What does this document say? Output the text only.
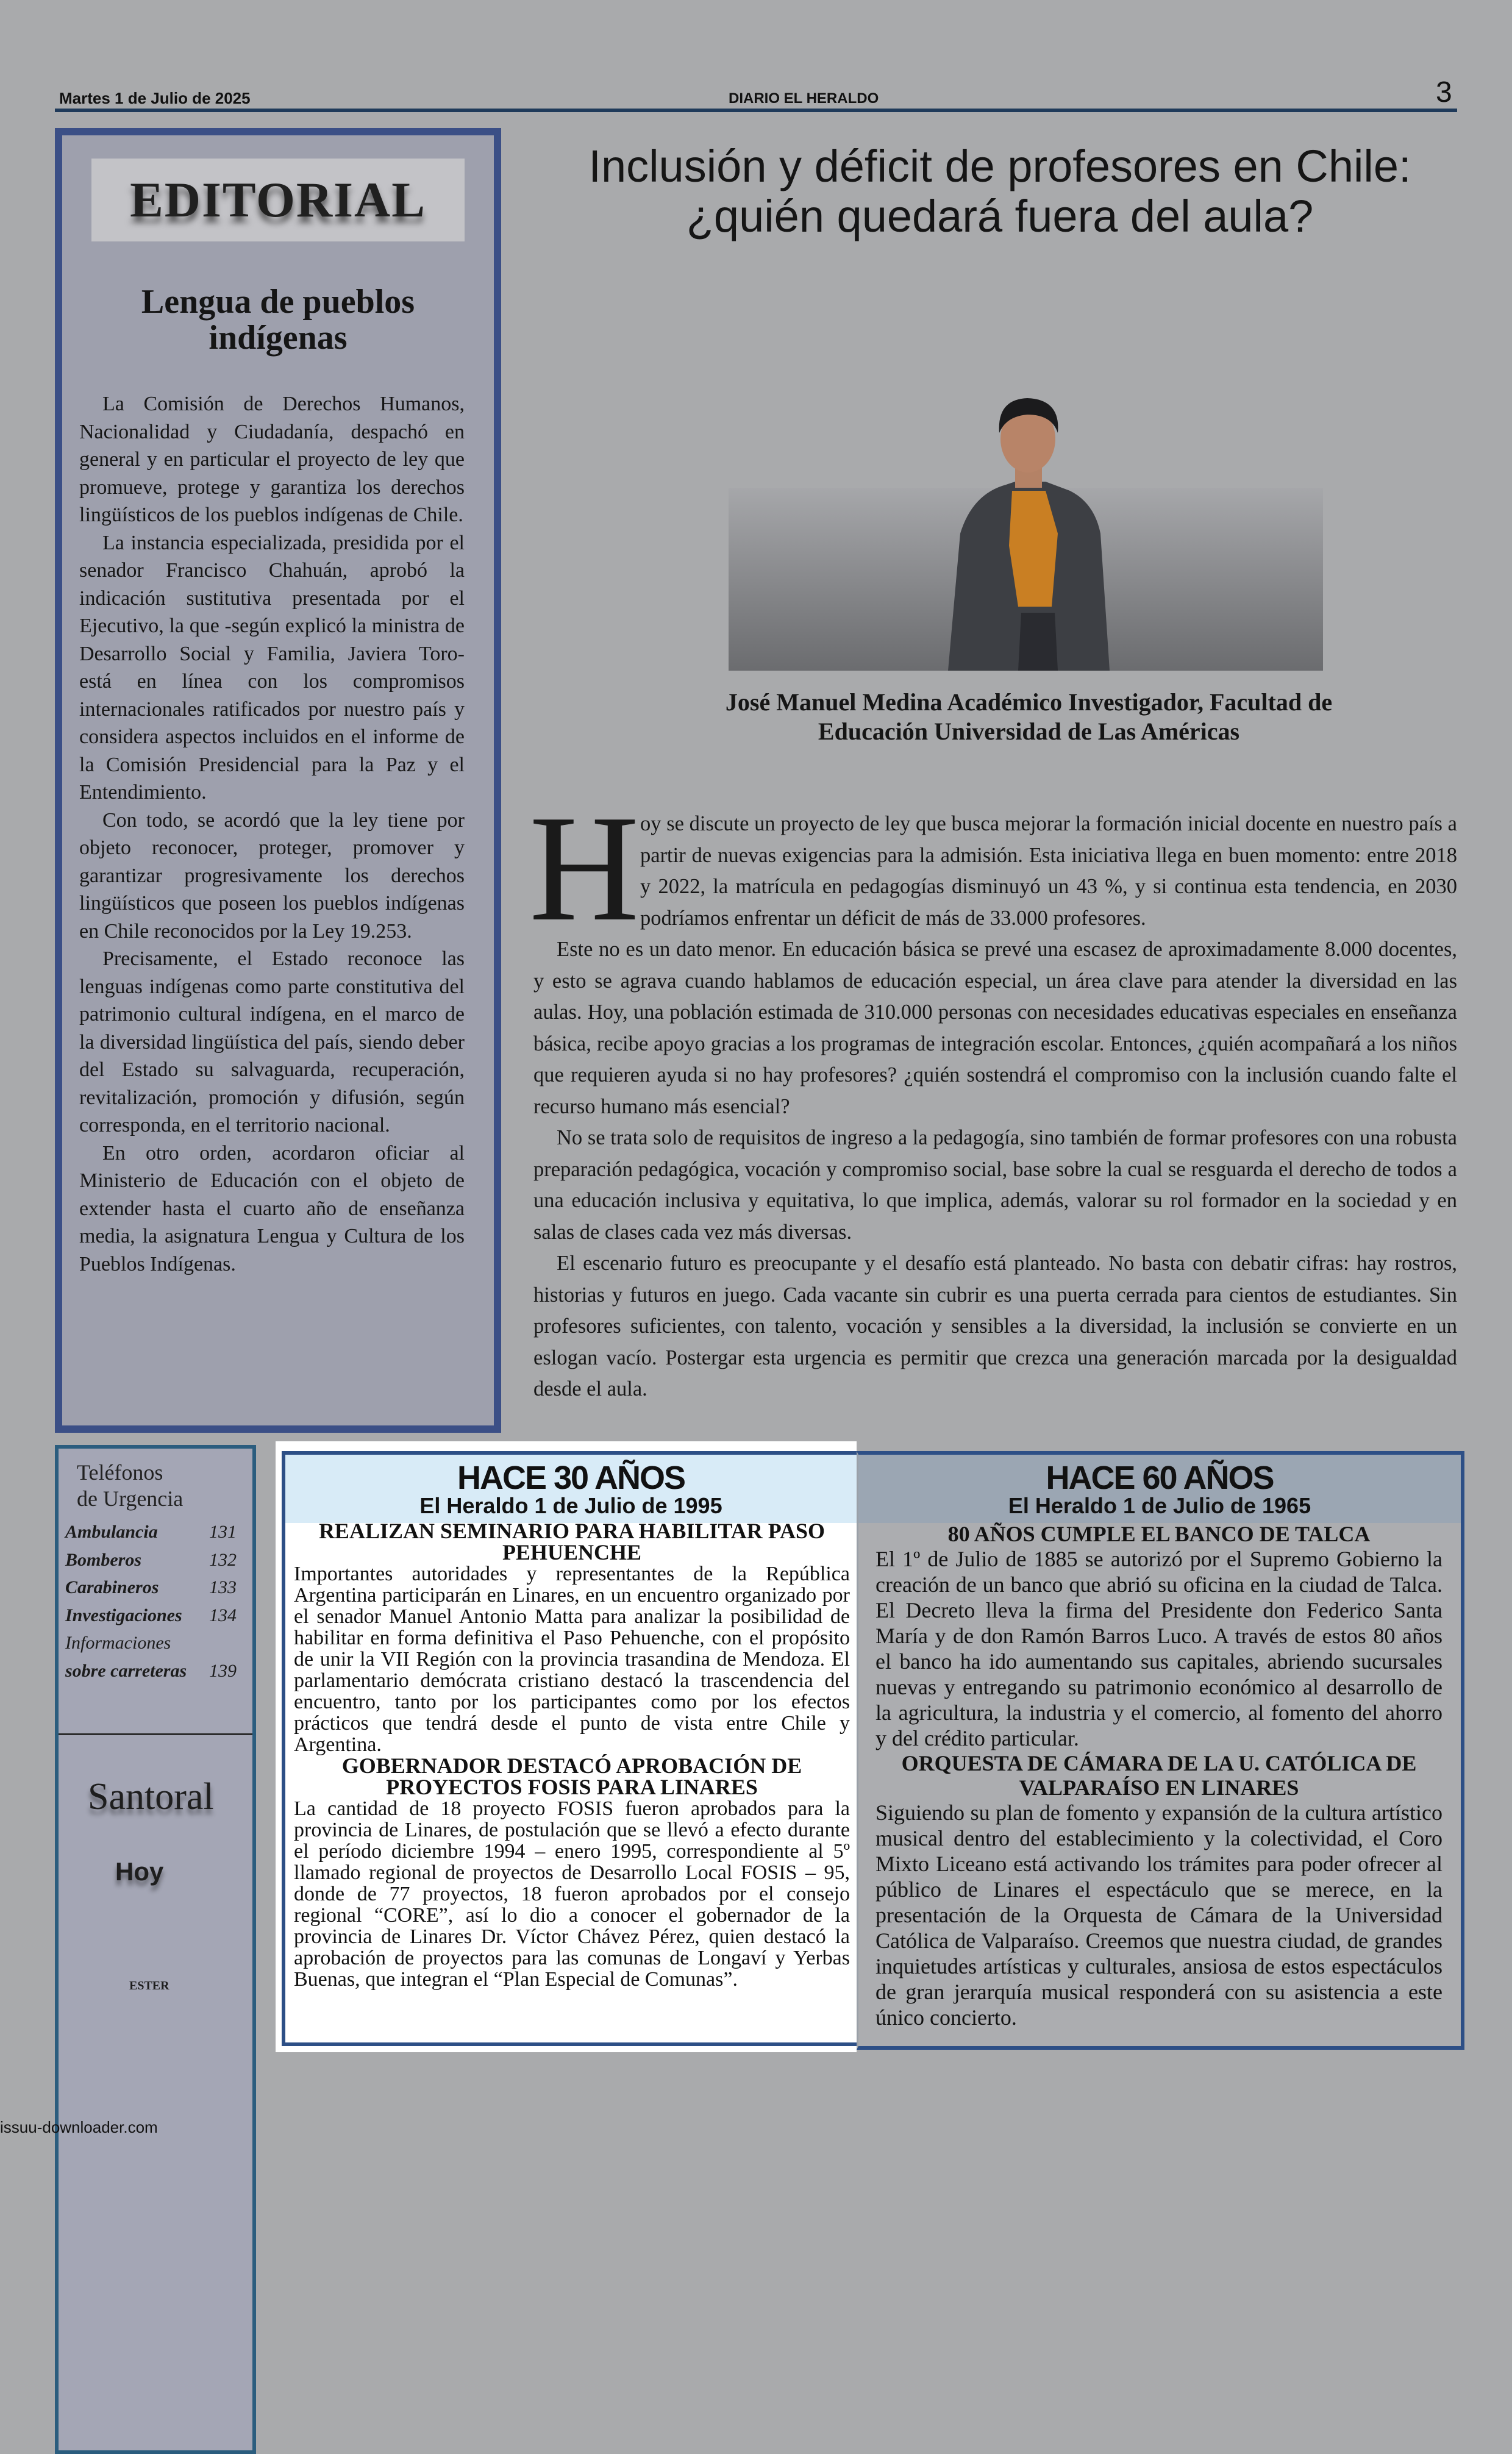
Martes 1 de Julio de 2025	DIARIO EL HERALDO	3
EDITORIAL
Lengua de pueblos indígenas

La Comisión de Derechos Humanos, Nacionalidad y Ciudadanía, despachó en general y en particular el proyecto de ley que promueve, protege y garantiza los derechos lingüísticos de los pueblos indígenas de Chile.

La instancia especializada, presidida por el senador Francisco Chahuán, aprobó la indicación sustitutiva presentada por el Ejecutivo, la que -según explicó la ministra de Desarrollo Social y Familia, Javiera Toro- está en línea con los compromisos internacionales ratificados por nuestro país y considera aspectos incluidos en el informe de la Comisión Presidencial para la Paz y el Entendimiento.

Con todo, se acordó que la ley tiene por objeto reconocer, proteger, promover y garantizar progresivamente los derechos lingüísticos que poseen los pueblos indígenas en Chile reconocidos por la Ley 19.253.

Precisamente, el Estado reconoce las lenguas indígenas como parte constitutiva del patrimonio cultural indígena, en el marco de la diversidad lingüística del país, siendo deber del Estado su salvaguarda, recuperación, revitalización, promoción y difusión, según corresponda, en el territorio nacional.

En otro orden, acordaron oficiar al Ministerio de Educación con el objeto de extender hasta el cuarto año de enseñanza media, la asignatura Lengua y Cultura de los Pueblos Indígenas.

Inclusión y déficit de profesores en Chile: ¿quién quedará fuera del aula?
José Manuel Medina Académico Investigador, Facultad de Educación Universidad de Las Américas
H oy se discute un proyecto de ley que busca mejorar la formación inicial docente en nuestro país a partir de nuevas exigencias para la admisión. Esta iniciativa llega en buen momento: entre 2018 y 2022, la matrícula en pedagogías disminuyó un 43 %, y si continua esta tendencia, en 2030 podríamos enfrentar un déficit de más de 33.000 profesores.

Este no es un dato menor. En educación básica se prevé una escasez de aproximadamente 8.000 docentes, y esto se agrava cuando hablamos de educación especial, un área clave para atender la diversidad en las aulas. Hoy, una población estimada de 310.000 personas con necesidades educativas especiales en enseñanza básica, recibe apoyo gracias a los programas de integración escolar. Entonces, ¿quién acompañará a los niños que requieren ayuda si no hay profesores? ¿quién sostendrá el compromiso con la inclusión cuando falte el recurso humano más esencial?

No se trata solo de requisitos de ingreso a la pedagogía, sino también de formar profesores con una robusta preparación pedagógica, vocación y compromiso social, base sobre la cual se resguarda el derecho de todos a una educación inclusiva y equitativa, lo que implica, además, valorar su rol formador en la sociedad y en salas de clases cada vez más diversas.

El escenario futuro es preocupante y el desafío está planteado. No basta con debatir cifras: hay rostros, historias y futuros en juego. Cada vacante sin cubrir es una puerta cerrada para cientos de estudiantes. Sin profesores suficientes, con talento, vocación y sensibles a la diversidad, la inclusión se convierte en un eslogan vacío. Postergar esta urgencia es permitir que crezca una generación marcada por la desigualdad desde el aula.

Teléfonos
de Urgencia
Ambulancia	131
Bomberos	132
Carabineros	133
Investigaciones 134
Informaciones
sobre carreteras 139
Santoral
Hoy
ESTER
HACE 30 AÑOS
El Heraldo 1 de Julio de 1995
REALIZAN SEMINARIO PARA HABILITAR PASO PEHUENCHE

Importantes autoridades y representantes de la República Argentina participarán en Linares, en un encuentro organizado por el senador Manuel Antonio Matta para analizar la posibilidad de habilitar en forma definitiva el Paso Pehuenche, con el propósito de unir la VII Región con la provincia trasandina de Mendoza. El parlamentario demócrata cristiano destacó la trascendencia del encuentro, tanto por los participantes como por los efectos prácticos que tendrá desde el punto de vista entre Chile y Argentina.

GOBERNADOR DESTACÓ APROBACIÓN DE PROYECTOS FOSIS PARA LINARES

La cantidad de 18 proyecto FOSIS fueron aprobados para la provincia de Linares, de postulación que se llevó a efecto durante el período diciembre 1994 – enero 1995, correspondiente al 5º llamado regional de proyectos de Desarrollo Local FOSIS – 95, donde de 77 proyectos, 18 fueron aprobados por el consejo regional “CORE”, así lo dio a conocer el gobernador de la provincia de Linares Dr. Víctor Chávez Pérez, quien destacó la aprobación de proyectos para las comunas de Longaví y Yerbas Buenas, que integran el “Plan Especial de Comunas”.

HACE 60 AÑOS
El Heraldo 1 de Julio de 1965
80 AÑOS CUMPLE EL BANCO DE TALCA

El 1º de Julio de 1885 se autorizó por el Supremo Gobierno la creación de un banco que abrió su oficina en la ciudad de Talca. El Decreto lleva la firma del Presidente don Federico Santa María y de don Ramón Barros Luco. A través de estos 80 años el banco ha ido aumentando sus capitales, abriendo sucursales nuevas y entregando su patrimonio económico al desarrollo de la agricultura, la industria y el comercio, al fomento del ahorro y del crédito particular.

ORQUESTA DE CÁMARA DE LA U. CATÓLICA DE VALPARAÍSO EN LINARES

Siguiendo su plan de fomento y expansión de la cultura artístico musical dentro del establecimiento y la colectividad, el Coro Mixto Liceano está activando los trámites para poder ofrecer al público de Linares el espectáculo que se merece, en la presentación de la Orquesta de Cámara de la Universidad Católica de Valparaíso. Creemos que nuestra ciudad, de grandes inquietudes artísticas y culturales, ansiosa de estos espectáculos de gran jerarquía musical responderá con su asistencia a este único concierto.

issuu-downloader.com
